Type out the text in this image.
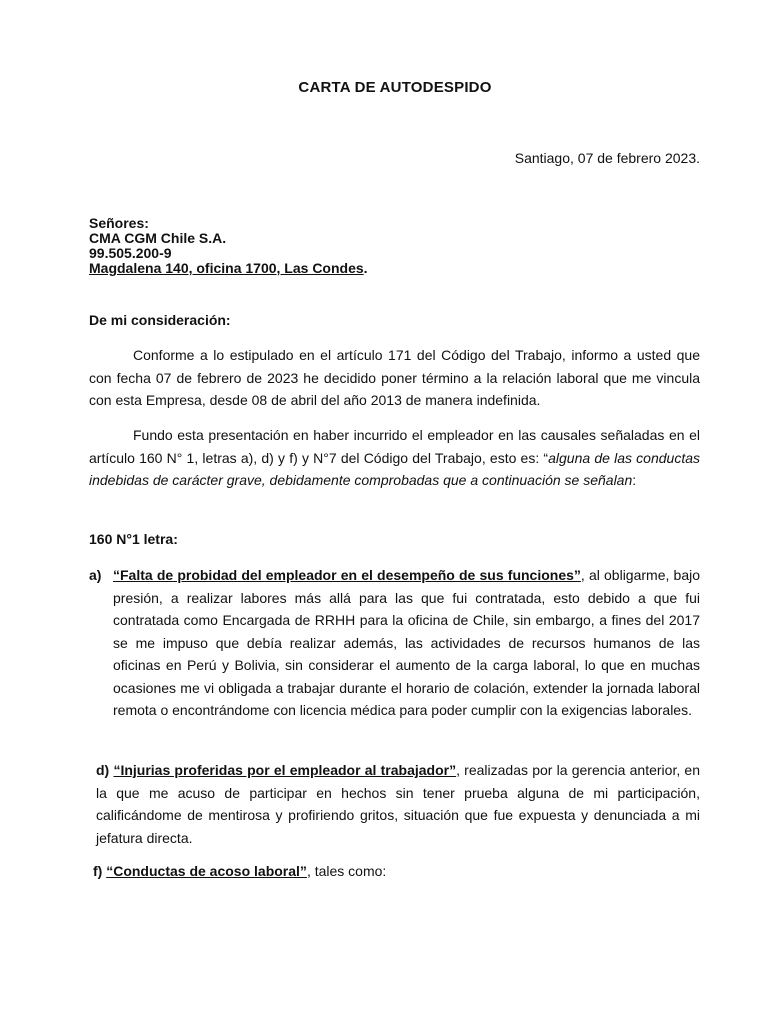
CARTA DE AUTODESPIDO
Santiago, 07 de febrero 2023.
Señores:
CMA CGM Chile S.A.
99.505.200-9
Magdalena 140, oficina 1700, Las Condes.
De mi consideración:

Conforme a lo estipulado en el artículo 171 del Código del Trabajo, informo a usted que con fecha 07 de febrero de 2023 he decidido poner término a la relación laboral que me vincula con esta Empresa, desde 08 de abril del año 2013 de manera indefinida.

Fundo esta presentación en haber incurrido el empleador en las causales señaladas en el artículo 160 N° 1, letras a), d) y f) y N°7 del Código del Trabajo, esto es: “alguna de las conductas indebidas de carácter grave, debidamente comprobadas que a continuación se señalan:

160 N°1 letra:
a) “Falta de probidad del empleador en el desempeño de sus funciones”, al obligarme, bajo presión, a realizar labores más allá para las que fui contratada, esto debido a que fui contratada como Encargada de RRHH para la oficina de Chile, sin embargo, a fines del 2017 se me impuso que debía realizar además, las actividades de recursos humanos de las oficinas en Perú y Bolivia, sin considerar el aumento de la carga laboral, lo que en muchas ocasiones me vi obligada a trabajar durante el horario de colación, extender la jornada laboral remota o encontrándome con licencia médica para poder cumplir con la exigencias laborales.
d) “Injurias proferidas por el empleador al trabajador”, realizadas por la gerencia anterior, en la que me acuso de participar en hechos sin tener prueba alguna de mi participación, calificándome de mentirosa y profiriendo gritos, situación que fue expuesta y denunciada a mi jefatura directa.
f) “Conductas de acoso laboral”, tales como:
